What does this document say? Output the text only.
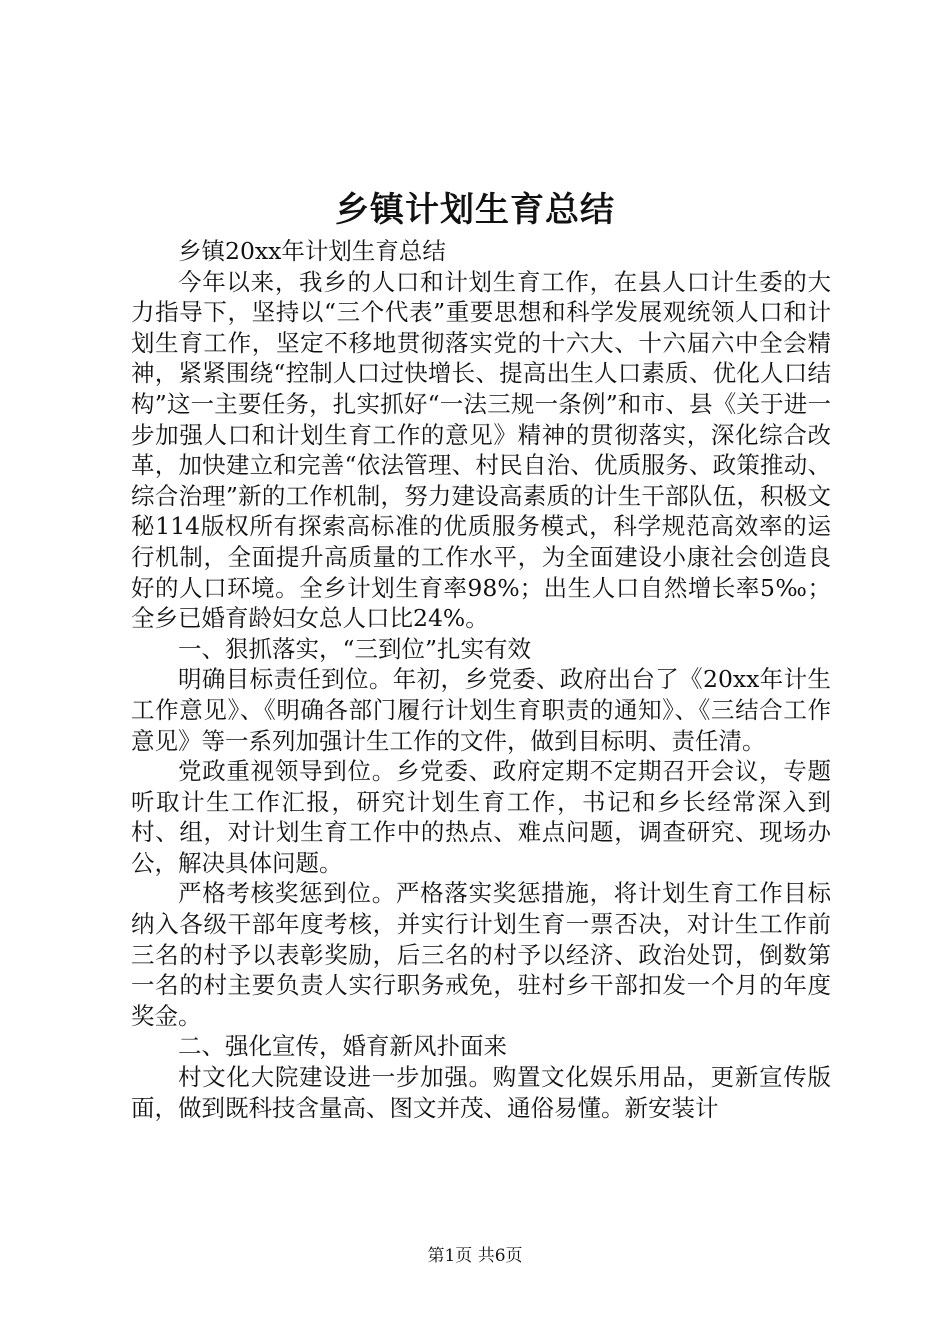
乡镇计划生育总结

乡镇20xx年计划生育总结

今年以来，我乡的人口和计划生育工作，在县人口计生委的大力指导下，坚持以“三个代表”重要思想和科学发展观统领人口和计划生育工作，坚定不移地贯彻落实党的十六大、十六届六中全会精神，紧紧围绕“控制人口过快增长、提高出生人口素质、优化人口结构”这一主要任务，扎实抓好“一法三规一条例”和市、县《关于进一步加强人口和计划生育工作的意见》精神的贯彻落实，深化综合改革，加快建立和完善“依法管理、村民自治、优质服务、政策推动、综合治理”新的工作机制，努力建设高素质的计生干部队伍，积极文秘114版权所有探索高标准的优质服务模式，科学规范高效率的运行机制，全面提升高质量的工作水平，为全面建设小康社会创造良好的人口环境。全乡计划生育率98%；出生人口自然增长率5‰；全乡已婚育龄妇女总人口比24%。

一、狠抓落实，“三到位”扎实有效

明确目标责任到位。年初，乡党委、政府出台了《20xx年计生工作意见》、《明确各部门履行计划生育职责的通知》、《三结合工作意见》等一系列加强计生工作的文件，做到目标明、责任清。

党政重视领导到位。乡党委、政府定期不定期召开会议，专题听取计生工作汇报，研究计划生育工作，书记和乡长经常深入到村、组，对计划生育工作中的热点、难点问题，调查研究、现场办公，解决具体问题。

严格考核奖惩到位。严格落实奖惩措施，将计划生育工作目标纳入各级干部年度考核，并实行计划生育一票否决，对计生工作前三名的村予以表彰奖励，后三名的村予以经济、政治处罚，倒数第一名的村主要负责人实行职务戒免，驻村乡干部扣发一个月的年度奖金。

二、强化宣传，婚育新风扑面来

村文化大院建设进一步加强。购置文化娱乐用品，更新宣传版面，做到既科技含量高、图文并茂、通俗易懂。新安装计

第1页 共6页
